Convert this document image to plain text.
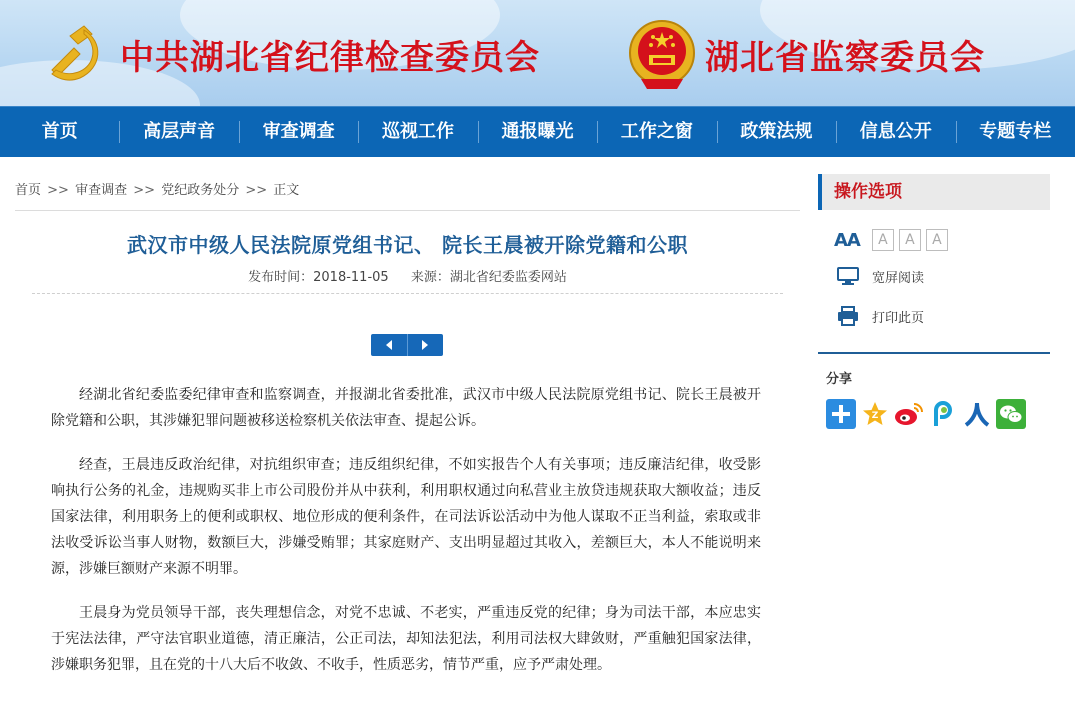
中共湖北省纪律检查委员会	湖北省监察委员会
首页	高层声音	审查调查	巡视工作	通报曝光	工作之窗	政策法规	信息公开	专题专栏
首页 >> 审查调查 >> 党纪政务处分 >> 正文
武汉市中级人民法院原党组书记、 院长王晨被开除党籍和公职
发布时间：2018-11-05 来源：湖北省纪委监委网站

经湖北省纪委监委纪律审查和监察调查，并报湖北省委批准，武汉市中级人民法院原党组书记、院长王晨被开除党籍和公职，其涉嫌犯罪问题被移送检察机关依法审查、提起公诉。

经查，王晨违反政治纪律，对抗组织审查；违反组织纪律，不如实报告个人有关事项；违反廉洁纪律，收受影响执行公务的礼金，违规购买非上市公司股份并从中获利，利用职权通过向私营业主放贷违规获取大额收益；违反国家法律，利用职务上的便利或职权、地位形成的便利条件，在司法诉讼活动中为他人谋取不正当利益，索取或非法收受诉讼当事人财物，数额巨大，涉嫌受贿罪；其家庭财产、支出明显超过其收入，差额巨大，本人不能说明来源，涉嫌巨额财产来源不明罪。

王晨身为党员领导干部，丧失理想信念，对党不忠诚、不老实，严重违反党的纪律；身为司法干部，本应忠实于宪法法律，严守法官职业道德，清正廉洁，公正司法，却知法犯法，利用司法权大肆敛财，严重触犯国家法律，涉嫌职务犯罪，且在党的十八大后不收敛、不收手，性质恶劣，情节严重，应予严肃处理。

操作选项
AA	A	A	A
宽屏阅读
打印此页
分享
Z
